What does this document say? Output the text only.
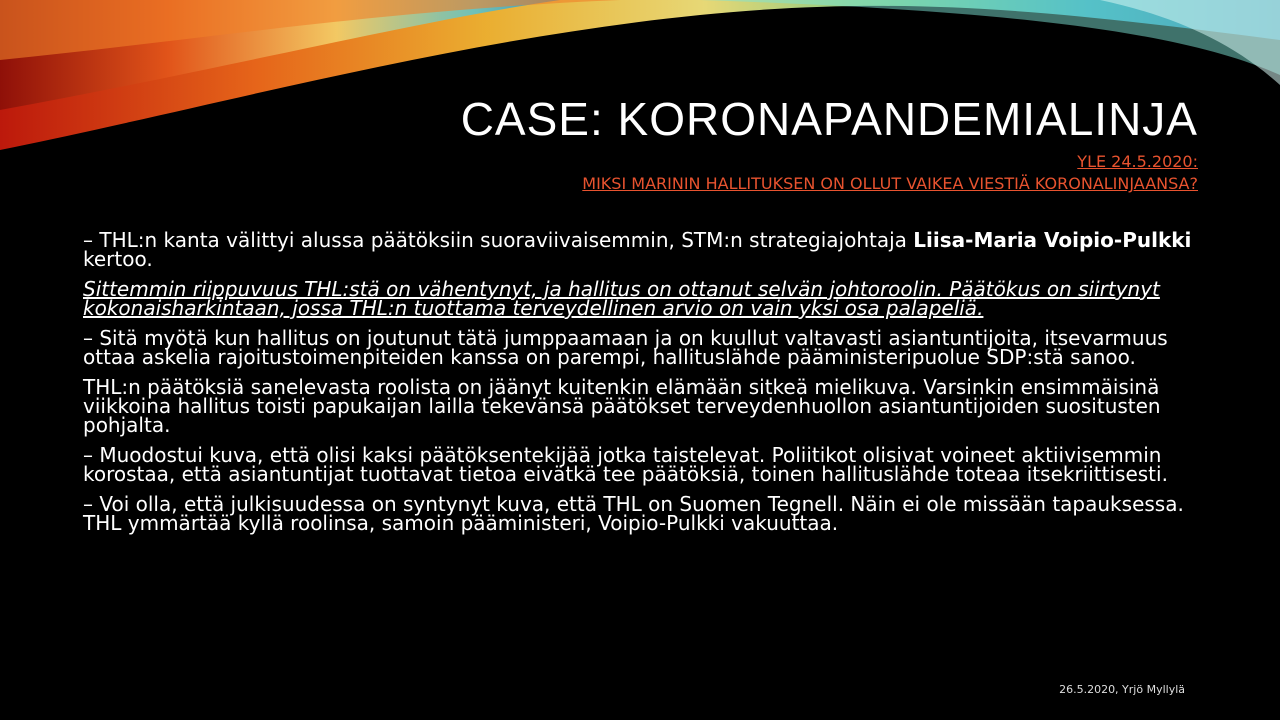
CASE: KORONAPANDEMIALINJA
YLE 24.5.2020:
MIKSI MARININ HALLITUKSEN ON OLLUT VAIKEA VIESTIÄ KORONALINJAANSA?

– THL:n kanta välittyi alussa päätöksiin suoraviivaisemmin, STM:n strategiajohtaja Liisa-Maria Voipio-Pulkki kertoo.

Sittemmin riippuvuus THL:stä on vähentynyt, ja hallitus on ottanut selvän johtoroolin. Päätökus on siirtynyt kokonaisharkintaan, jossa THL:n tuottama terveydellinen arvio on vain yksi osa palapeliä.

– Sitä myötä kun hallitus on joutunut tätä jumppaamaan ja on kuullut valtavasti asiantuntijoita, itsevarmuus ottaa askelia rajoitustoimenpiteiden kanssa on parempi, hallituslähde pääministeripuolue SDP:stä sanoo.

THL:n päätöksiä sanelevasta roolista on jäänyt kuitenkin elämään sitkeä mielikuva. Varsinkin ensimmäisinä viikkoina hallitus toisti papukaijan lailla tekevänsä päätökset terveydenhuollon asiantuntijoiden suositusten pohjalta.

– Muodostui kuva, että olisi kaksi päätöksentekijää jotka taistelevat. Poliitikot olisivat voineet aktiivisemmin korostaa, että asiantuntijat tuottavat tietoa eivätkä tee päätöksiä, toinen hallituslähde toteaa itsekriittisesti.

– Voi olla, että julkisuudessa on syntynyt kuva, että THL on Suomen Tegnell. Näin ei ole missään tapauksessa. THL ymmärtää kyllä roolinsa, samoin pääministeri, Voipio-Pulkki vakuuttaa.

26.5.2020, Yrjö Myllylä
